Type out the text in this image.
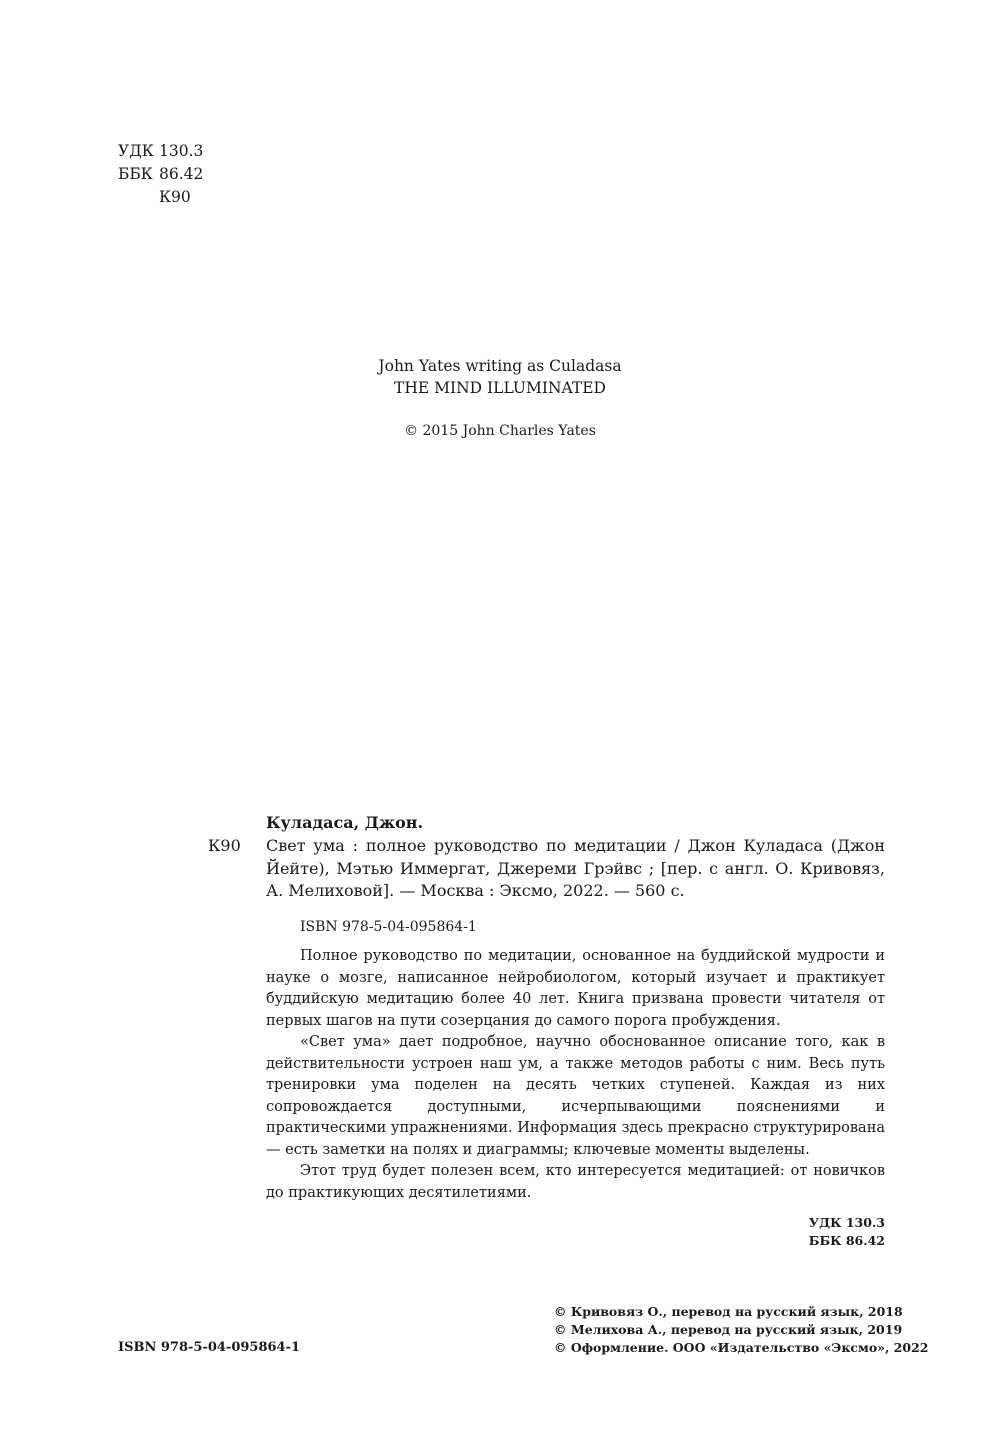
УДК 130.3
ББК 86.42
К90
John Yates writing as Culadasa
THE MIND ILLUMINATED
© 2015 John Charles Yates
Куладаса, Джон.
К90 Свет ума : полное руководство по медитации / Джон Куладаса (Джон Йейте), Мэтью Иммергат, Джереми Грэйвс ; [пер. с англ. О. Кривовяз, А. Мелиховой]. — Москва : Эксмо, 2022. — 560 с.
ISBN 978-5-04-095864-1

Полное руководство по медитации, основанное на буддийской мудрости и науке о мозге, написанное нейробиологом, который изучает и практикует буддийскую медитацию более 40 лет. Книга призвана провести читателя от первых шагов на пути созерцания до самого порога пробуждения.

«Свет ума» дает подробное, научно обоснованное описание того, как в действительности устроен наш ум, а также методов работы с ним. Весь путь тренировки ума поделен на десять четких ступеней. Каждая из них сопровождается доступными, исчерпывающими пояснениями и практическими упражнениями. Информация здесь прекрасно структурирована — есть заметки на полях и диаграммы; ключевые моменты выделены.

Этот труд будет полезен всем, кто интересуется медитацией: от новичков до практикующих десятилетиями.

УДК 130.3
ББК 86.42
ISBN 978-5-04-095864-1
© Кривовяз О., перевод на русский язык, 2018
© Мелихова А., перевод на русский язык, 2019
© Оформление. ООО «Издательство «Эксмо», 2022
